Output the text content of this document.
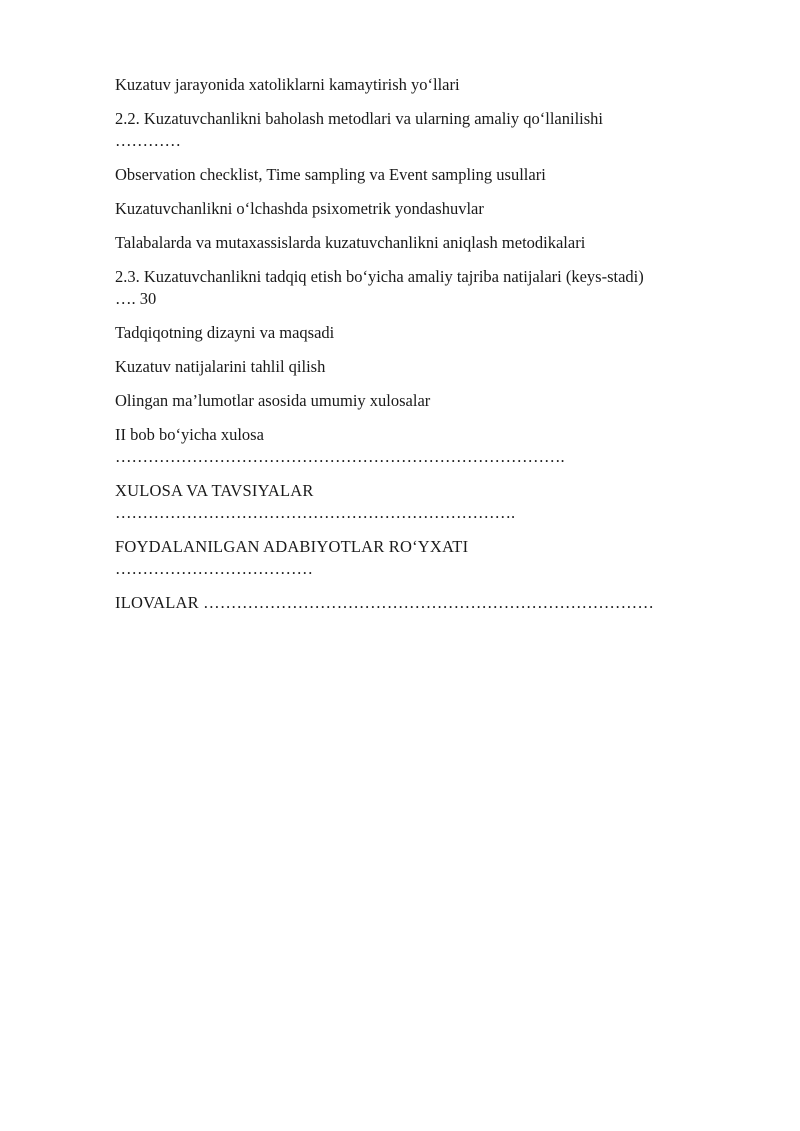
Kuzatuv jarayonida xatoliklarni kamaytirish yo‘llari
2.2. Kuzatuvchanlikni baholash metodlari va ularning amaliy qo‘llanilishi
…………
Observation checklist, Time sampling va Event sampling usullari
Kuzatuvchanlikni o‘lchashda psixometrik yondashuvlar
Talabalarda va mutaxassislarda kuzatuvchanlikni aniqlash metodikalari
2.3. Kuzatuvchanlikni tadqiq etish bo‘yicha amaliy tajriba natijalari (keys-stadi)
…. 30
Tadqiqotning dizayni va maqsadi
Kuzatuv natijalarini tahlil qilish
Olingan ma’lumotlar asosida umumiy xulosalar
II bob bo‘yicha xulosa
……………………………………………………………………….
XULOSA VA TAVSIYALAR
……………………………………………………………….
FOYDALANILGAN ADABIYOTLAR RO‘YXATI
………………………………
ILOVALAR ………………………………………………………………………
